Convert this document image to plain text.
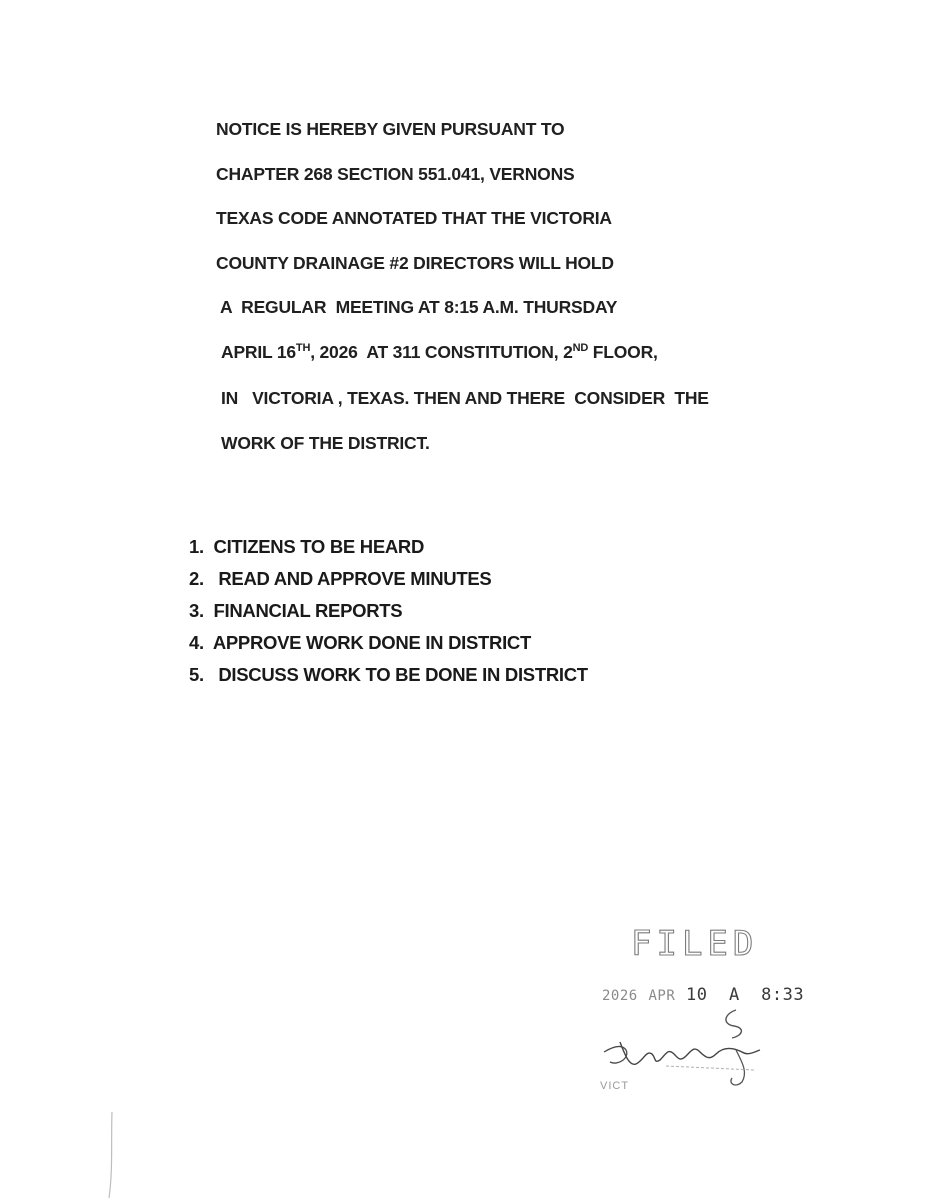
NOTICE IS HEREBY GIVEN PURSUANT TO

CHAPTER 268 SECTION 551.041, VERNONS

TEXAS CODE ANNOTATED THAT THE VICTORIA

COUNTY DRAINAGE #2 DIRECTORS WILL HOLD

A  REGULAR  MEETING AT 8:15 A.M. THURSDAY

APRIL 16TH, 2026  AT 311 CONSTITUTION, 2ND FLOOR,

IN   VICTORIA , TEXAS. THEN AND THERE  CONSIDER  THE

WORK OF THE DISTRICT.

1.  CITIZENS TO BE HEARD

2.   READ AND APPROVE MINUTES

3.  FINANCIAL REPORTS

4.  APPROVE WORK DONE IN DISTRICT

5.   DISCUSS WORK TO BE DONE IN DISTRICT

FILED

2026 APR 10  A  8:33

VICT
